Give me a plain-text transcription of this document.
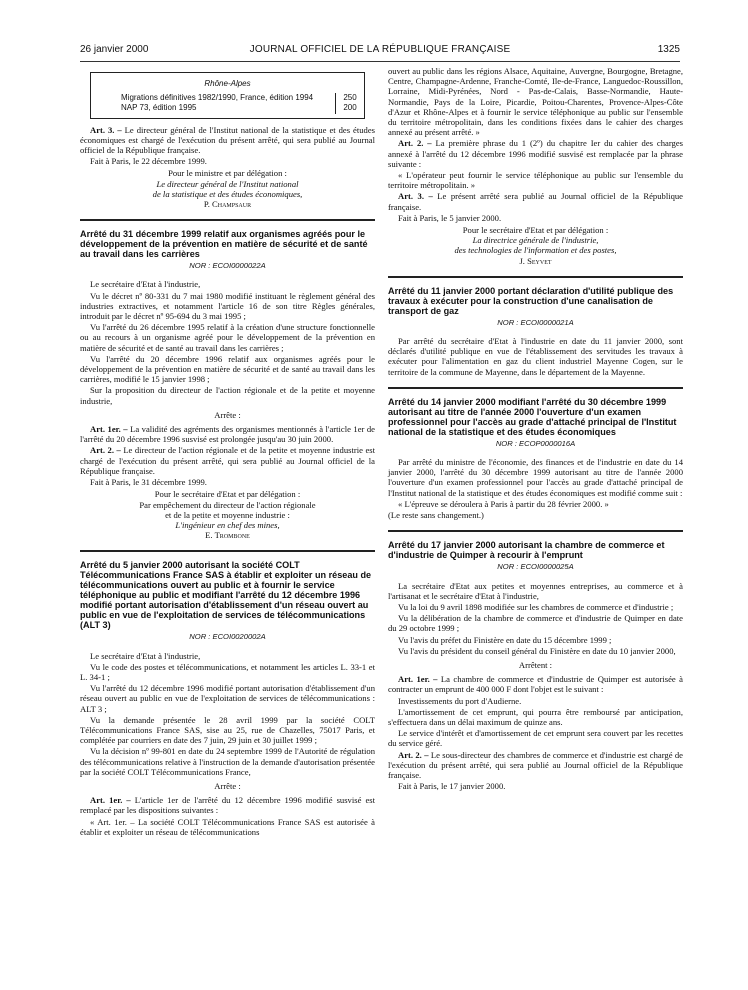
26 janvier 2000	JOURNAL OFFICIEL DE LA RÉPUBLIQUE FRANÇAISE	1325
Rhône-Alpes
Migrations définitives 1982/1990, France, édition 1994	250
NAP 73, édition 1995	200

Art. 3. – Le directeur général de l'Institut national de la statistique et des études économiques est chargé de l'exécution du présent arrêté, qui sera publié au Journal officiel de la République française.

Fait à Paris, le 22 décembre 1999.

Pour le ministre et par délégation :
Le directeur général de l'Institut national
de la statistique et des études économiques,
P. Champsaur
Arrêté du 31 décembre 1999 relatif aux organismes agréés pour le développement de la prévention en matière de sécurité et de santé au travail dans les carrières
NOR : ECOI0000022A

Le secrétaire d'Etat à l'industrie,

Vu le décret nº 80-331 du 7 mai 1980 modifié instituant le règlement général des industries extractives, et notamment l'article 16 de son titre Règles générales, introduit par le décret nº 95-694 du 3 mai 1995 ;

Vu l'arrêté du 26 décembre 1995 relatif à la création d'une structure fonctionnelle ou au recours à un organisme agréé pour le développement de la prévention en matière de sécurité et de santé au travail dans les carrières ;

Vu l'arrêté du 20 décembre 1996 relatif aux organismes agréés pour le développement de la prévention en matière de sécurité et de santé au travail dans les carrières, modifié le 15 janvier 1998 ;

Sur la proposition du directeur de l'action régionale et de la petite et moyenne industrie,

Arrête :

Art. 1er. – La validité des agréments des organismes mentionnés à l'article 1er de l'arrêté du 20 décembre 1996 susvisé est prolongée jusqu'au 30 juin 2000.

Art. 2. – Le directeur de l'action régionale et de la petite et moyenne industrie est chargé de l'exécution du présent arrêté, qui sera publié au Journal officiel de la République française.

Fait à Paris, le 31 décembre 1999.

Pour le secrétaire d'Etat et par délégation :
Par empêchement du directeur de l'action régionale
et de la petite et moyenne industrie :
L'ingénieur en chef des mines,
E. Trombone
Arrêté du 5 janvier 2000 autorisant la société COLT Télécommunications France SAS à établir et exploiter un réseau de télécommunications ouvert au public et à fournir le service téléphonique au public et modifiant l'arrêté du 12 décembre 1996 modifié portant autorisation d'établissement d'un réseau ouvert au public en vue de l'exploitation de services de télécommunications (ALT 3)
NOR : ECOI0020002A

Le secrétaire d'Etat à l'industrie,

Vu le code des postes et télécommunications, et notamment les articles L. 33-1 et L. 34-1 ;

Vu l'arrêté du 12 décembre 1996 modifié portant autorisation d'établissement d'un réseau ouvert au public en vue de l'exploitation de services de télécommunications : ALT 3 ;

Vu la demande présentée le 28 avril 1999 par la société COLT Télécommunications France SAS, sise au 25, rue de Chazelles, 75017 Paris, et complétée par courriers en date des 7 juin, 29 juin et 30 juillet 1999 ;

Vu la décision nº 99-801 en date du 24 septembre 1999 de l'Autorité de régulation des télécommunications relative à l'instruction de la demande d'autorisation présentée par la société COLT Télécommunications France,

Arrête :

Art. 1er. – L'article 1er de l'arrêté du 12 décembre 1996 modifié susvisé est remplacé par les dispositions suivantes :

« Art. 1er. – La société COLT Télécommunications France SAS est autorisée à établir et exploiter un réseau de télécommunications

ouvert au public dans les régions Alsace, Aquitaine, Auvergne, Bourgogne, Bretagne, Centre, Champagne-Ardenne, Franche-Comté, Ile-de-France, Languedoc-Roussillon, Lorraine, Midi-Pyrénées, Nord - Pas-de-Calais, Basse-Normandie, Haute-Normandie, Pays de la Loire, Picardie, Poitou-Charentes, Provence-Alpes-Côte d'Azur et Rhône-Alpes et à fournir le service téléphonique au public sur l'ensemble du territoire métropolitain, dans les conditions fixées dans le cahier des charges annexé au présent arrêté. »

Art. 2. – La première phrase du 1 (2º) du chapitre Ier du cahier des charges annexé à l'arrêté du 12 décembre 1996 modifié susvisé est remplacée par la phrase suivante :

« L'opérateur peut fournir le service téléphonique au public sur l'ensemble du territoire métropolitain. »

Art. 3. – Le présent arrêté sera publié au Journal officiel de la République française.

Fait à Paris, le 5 janvier 2000.

Pour le secrétaire d'Etat et par délégation :
La directrice générale de l'industrie,
des technologies de l'information et des postes,
J. Seyvet
Arrêté du 11 janvier 2000 portant déclaration d'utilité publique des travaux à exécuter pour la construction d'une canalisation de transport de gaz
NOR : ECOI0000021A

Par arrêté du secrétaire d'Etat à l'industrie en date du 11 janvier 2000, sont déclarés d'utilité publique en vue de l'établissement des servitudes les travaux à exécuter pour l'alimentation en gaz du client industriel Mayenne Cogen, sur le territoire de la commune de Mayenne, dans le département de la Mayenne.

Arrêté du 14 janvier 2000 modifiant l'arrêté du 30 décembre 1999 autorisant au titre de l'année 2000 l'ouverture d'un examen professionnel pour l'accès au grade d'attaché principal de l'Institut national de la statistique et des études économiques
NOR : ECOP0000016A

Par arrêté du ministre de l'économie, des finances et de l'industrie en date du 14 janvier 2000, l'arrêté du 30 décembre 1999 autorisant au titre de l'année 2000 l'ouverture d'un examen professionnel pour l'accès au grade d'attaché principal de l'Institut national de la statistique et des études économiques est modifié comme suit :

« L'épreuve se déroulera à Paris à partir du 28 février 2000. »

(Le reste sans changement.)

Arrêté du 17 janvier 2000 autorisant la chambre de commerce et d'industrie de Quimper à recourir à l'emprunt
NOR : ECOI0000025A

La secrétaire d'Etat aux petites et moyennes entreprises, au commerce et à l'artisanat et le secrétaire d'Etat à l'industrie,

Vu la loi du 9 avril 1898 modifiée sur les chambres de commerce et d'industrie ;

Vu la délibération de la chambre de commerce et d'industrie de Quimper en date du 29 octobre 1999 ;

Vu l'avis du préfet du Finistère en date du 15 décembre 1999 ;

Vu l'avis du président du conseil général du Finistère en date du 10 janvier 2000,

Arrêtent :

Art. 1er. – La chambre de commerce et d'industrie de Quimper est autorisée à contracter un emprunt de 400 000 F dont l'objet est le suivant :

Investissements du port d'Audierne.

L'amortissement de cet emprunt, qui pourra être remboursé par anticipation, s'effectuera dans un délai maximum de quinze ans.

Le service d'intérêt et d'amortissement de cet emprunt sera couvert par les recettes du service géré.

Art. 2. – Le sous-directeur des chambres de commerce et d'industrie est chargé de l'exécution du présent arrêté, qui sera publié au Journal officiel de la République française.

Fait à Paris, le 17 janvier 2000.
